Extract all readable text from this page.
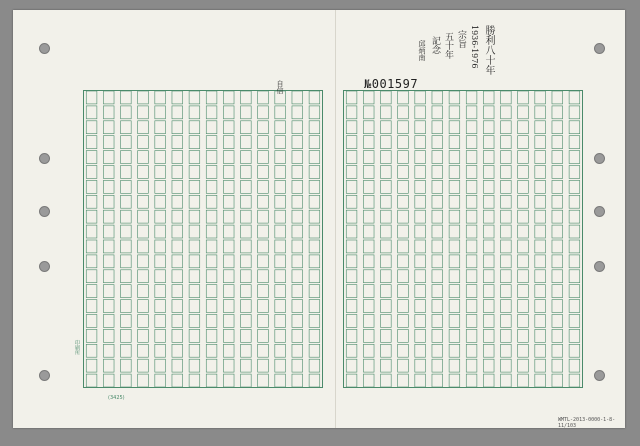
№001597
(3425)
印刷所
WMTL-2013-0000-1-8-11/103
勝利八十年
1936-1976
宗旨
五十年
記念
邱炳南
自信
